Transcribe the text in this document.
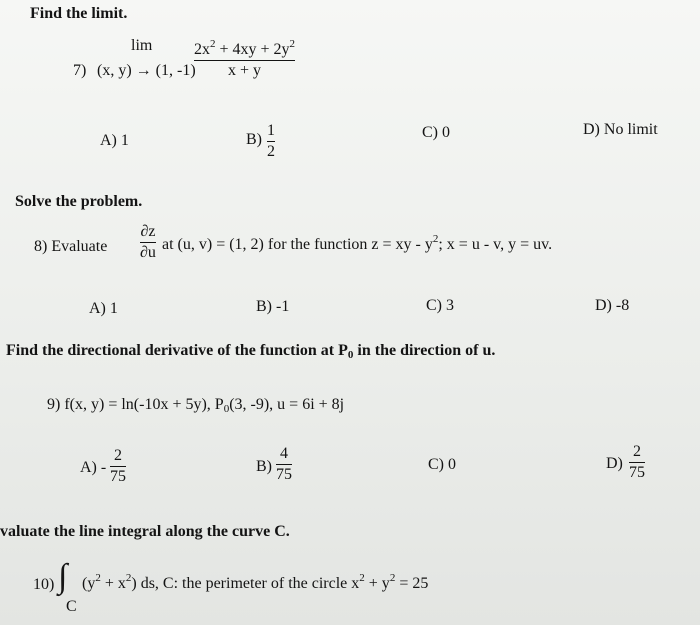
Find the limit.
lim
7) (x, y) → (1, -1)
$2x^2 + 4xy + 2y^2$
x + y
A) 1	B)
1
2
C) 0	D) No limit
Solve the problem.
8) Evaluate
∂z
∂u at (u, v) = (1, 2) for the function z = xy - $y^2$; x = u - v, y = uv.
A) 1	B) -1	C) 3	D) -8
Find the directional derivative of the function at $P_0$ in the direction of u.
9) f(x, y) = ln(-10x + 5y), $P_0(3$, -9), u = 6i + 8j
A) -
2
75
B)
4
75
C) 0	D)
2
75
valuate the line integral along the curve C.
10) ∫
C
$(y^2 + x^2)$ ds, C: the perimeter of the circle $x^2 + y^2 = 25$
